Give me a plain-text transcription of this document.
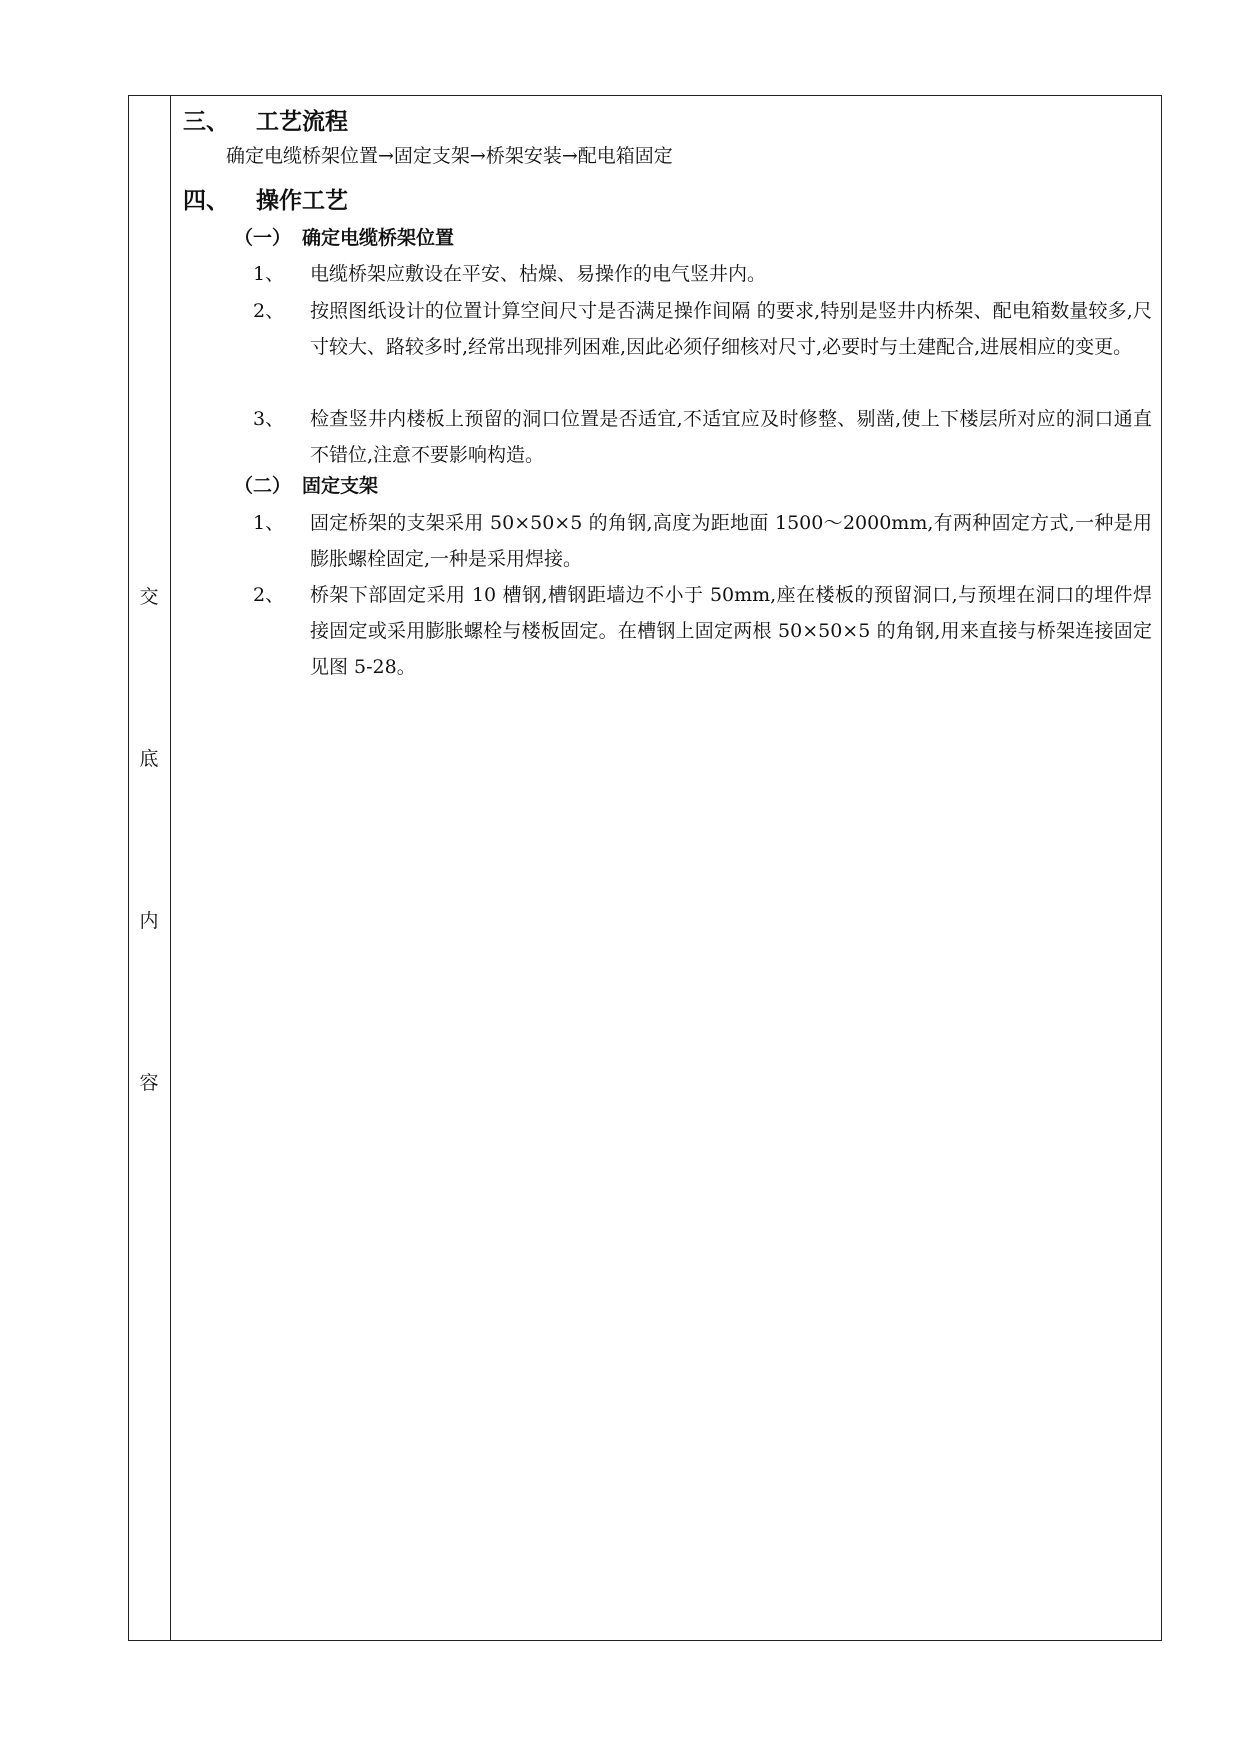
交
底
内
容
三、 工艺流程
确定电缆桥架位置→固定支架→桥架安装→配电箱固定
四、 操作工艺
（一） 确定电缆桥架位置
1、 电缆桥架应敷设在平安、枯燥、易操作的电气竖井内。
2、 按照图纸设计的位置计算空间尺寸是否满足操作间隔 的要求,特别是竖井内桥架、配电箱数量较多,尺寸较大、路较多时,经常出现排列困难,因此必须仔细核对尺寸,必要时与土建配合,进展相应的变更。
3、 检查竖井内楼板上预留的洞口位置是否适宜,不适宜应及时修整、剔凿,使上下楼层所对应的洞口通直不错位,注意不要影响构造。
（二） 固定支架
1、 固定桥架的支架采用 50×50×5 的角钢,高度为距地面 1500～2000mm,有两种固定方式,一种是用膨胀螺栓固定,一种是采用焊接。
2、 桥架下部固定采用 10 槽钢,槽钢距墙边不小于 50mm,座在楼板的预留洞口,与预埋在洞口的埋件焊接固定或采用膨胀螺栓与楼板固定。在槽钢上固定两根 50×50×5 的角钢,用来直接与桥架连接固定见图 5-28。
